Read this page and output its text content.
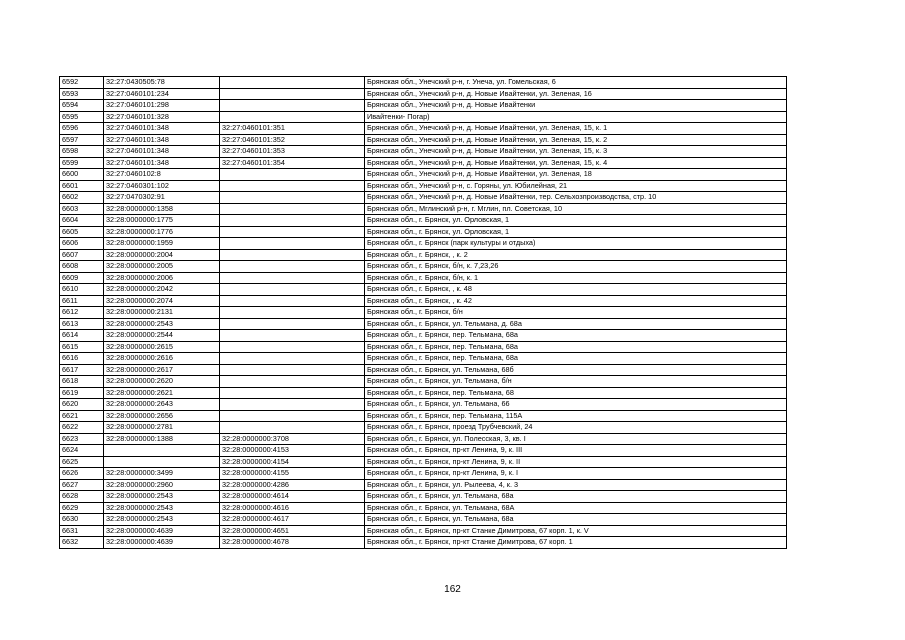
6592	32:27:0430505:78		Брянская обл., Унечский р-н, г. Унеча, ул. Гомельская, 6
6593	32:27:0460101:234		Брянская обл., Унечский р-н, д. Новые Ивайтенки, ул. Зеленая, 16
6594	32:27:0460101:298		Брянская обл., Унечский р-н, д. Новые Ивайтенки
6595	32:27:0460101:328		Ивайтенки- Погар)
6596	32:27:0460101:348	32:27:0460101:351	Брянская обл., Унечский р-н, д. Новые Ивайтенки, ул. Зеленая, 15, к. 1
6597	32:27:0460101:348	32:27:0460101:352	Брянская обл., Унечский р-н, д. Новые Ивайтенки, ул. Зеленая, 15, к. 2
6598	32:27:0460101:348	32:27:0460101:353	Брянская обл., Унечский р-н, д. Новые Ивайтенки, ул. Зеленая, 15, к. 3
6599	32:27:0460101:348	32:27:0460101:354	Брянская обл., Унечский р-н, д. Новые Ивайтенки, ул. Зеленая, 15, к. 4
6600	32:27:0460102:8		Брянская обл., Унечский р-н, д. Новые Ивайтенки, ул. Зеленая, 18
6601	32:27:0460301:102		Брянская обл., Унечский р-н, с. Горяны, ул. Юбилейная, 21
6602	32:27:0470302:91		Брянская обл., Унечский р-н, д. Новые Ивайтенки, тер. Сельхозпроизводства, стр. 10
6603	32:28:0000000:1358		Брянская обл., Мглинский р-н, г. Мглин, пл. Советская, 10
6604	32:28:0000000:1775		Брянская обл., г. Брянск, ул. Орловская, 1
6605	32:28:0000000:1776		Брянская обл., г. Брянск, ул. Орловская, 1
6606	32:28:0000000:1959		Брянская обл., г. Брянск (парк культуры и отдыха)
6607	32:28:0000000:2004		Брянская обл., г. Брянск, , к. 2
6608	32:28:0000000:2005		Брянская обл., г. Брянск, б/н, к. 7,23,26
6609	32:28:0000000:2006		Брянская обл., г. Брянск, б/н, к. 1
6610	32:28:0000000:2042		Брянская обл., г. Брянск, , к. 48
6611	32:28:0000000:2074		Брянская обл., г. Брянск, , к. 42
6612	32:28:0000000:2131		Брянская обл., г. Брянск, б/н
6613	32:28:0000000:2543		Брянская обл., г. Брянск, ул. Тельмана, д. 68а
6614	32:28:0000000:2544		Брянская обл., г. Брянск, пер. Тельмана, 68а
6615	32:28:0000000:2615		Брянская обл., г. Брянск, пер. Тельмана, 68а
6616	32:28:0000000:2616		Брянская обл., г. Брянск, пер. Тельмана, 68а
6617	32:28:0000000:2617		Брянская обл., г. Брянск, ул. Тельмана, 68б
6618	32:28:0000000:2620		Брянская обл., г. Брянск, ул. Тельмана, б/н
6619	32:28:0000000:2621		Брянская обл., г. Брянск, пер. Тельмана, 68
6620	32:28:0000000:2643		Брянская обл., г. Брянск, ул. Тельмана, 66
6621	32:28:0000000:2656		Брянская обл., г. Брянск, пер. Тельмана, 115А
6622	32:28:0000000:2781		Брянская обл., г. Брянск, проезд Трубчевский, 24
6623	32:28:0000000:1388	32:28:0000000:3708	Брянская обл., г. Брянск, ул. Полесская, 3, кв. I
6624		32:28:0000000:4153	Брянская обл., г. Брянск, пр-кт Ленина, 9, к. III
6625		32:28:0000000:4154	Брянская обл., г. Брянск, пр-кт Ленина, 9, к. II
6626	32:28:0000000:3499	32:28:0000000:4155	Брянская обл., г. Брянск, пр-кт Ленина, 9, к. I
6627	32:28:0000000:2960	32:28:0000000:4286	Брянская обл., г. Брянск, ул. Рылеева, 4, к. 3
6628	32:28:0000000:2543	32:28:0000000:4614	Брянская обл., г. Брянск, ул. Тельмана, 68а
6629	32:28:0000000:2543	32:28:0000000:4616	Брянская обл., г. Брянск, ул. Тельмана, 68А
6630	32:28:0000000:2543	32:28:0000000:4617	Брянская обл., г. Брянск, ул. Тельмана, 68а
6631	32:28:0000000:4639	32:28:0000000:4651	Брянская обл., г. Брянск, пр-кт Станке Димитрова, 67 корп. 1, к. V
6632	32:28:0000000:4639	32:28:0000000:4678	Брянская обл., г. Брянск, пр-кт Станке Димитрова, 67 корп. 1
162
